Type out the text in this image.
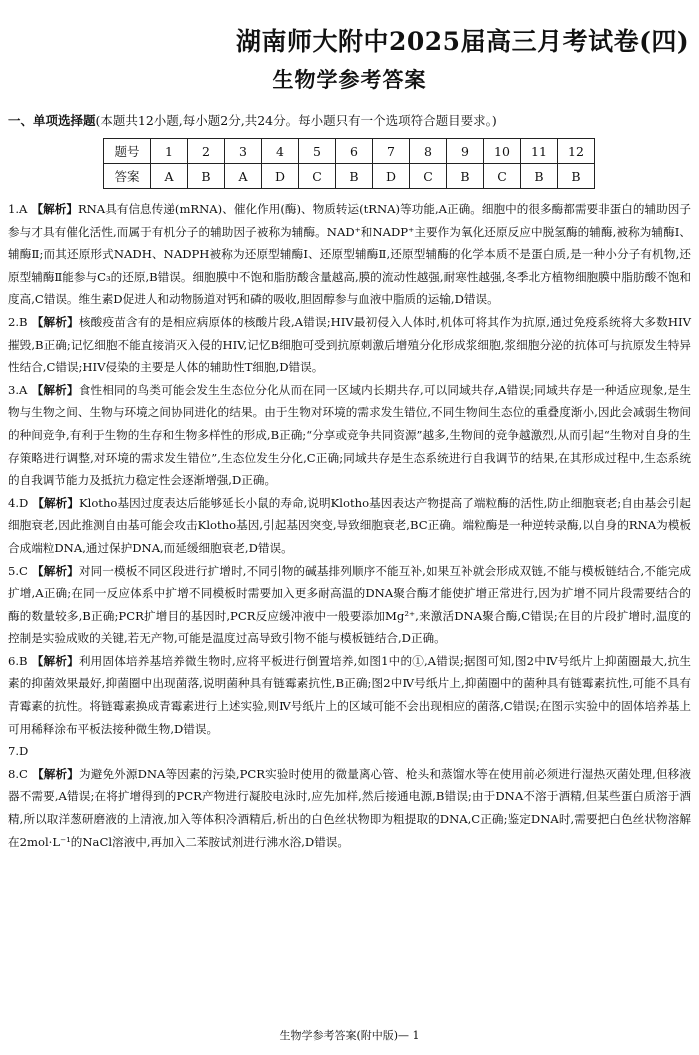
湖南师大附中2025届高三月考试卷(四)
生物学参考答案
一、单项选择题(本题共12小题,每小题2分,共24分。每小题只有一个选项符合题目要求。)
题号	1	2	3	4	5	6	7	8	9	10	11	12
答案	A	B	A	D	C	B	D	C	B	C	B	B

1.A 【解析】RNA具有信息传递(mRNA)、催化作用(酶)、物质转运(tRNA)等功能,A正确。细胞中的很多酶都需要非蛋白的辅助因子参与才具有催化活性,而属于有机分子的辅助因子被称为辅酶。NAD⁺和NADP⁺主要作为氧化还原反应中脱氢酶的辅酶,被称为辅酶Ⅰ、辅酶Ⅱ;而其还原形式NADH、NADPH被称为还原型辅酶Ⅰ、还原型辅酶Ⅱ,还原型辅酶的化学本质不是蛋白质,是一种小分子有机物,还原型辅酶Ⅱ能参与C₃的还原,B错误。细胞膜中不饱和脂肪酸含量越高,膜的流动性越强,耐寒性越强,冬季北方植物细胞膜中脂肪酸不饱和度高,C错误。维生素D促进人和动物肠道对钙和磷的吸收,胆固醇参与血液中脂质的运输,D错误。

2.B 【解析】核酸疫苗含有的是相应病原体的核酸片段,A错误;HIV最初侵入人体时,机体可将其作为抗原,通过免疫系统将大多数HIV摧毁,B正确;记忆细胞不能直接消灭入侵的HIV,记忆B细胞可受到抗原刺激后增殖分化形成浆细胞,浆细胞分泌的抗体可与抗原发生特异性结合,C错误;HIV侵染的主要是人体的辅助性T细胞,D错误。

3.A 【解析】食性相同的鸟类可能会发生生态位分化从而在同一区域内长期共存,可以同域共存,A错误;同域共存是一种适应现象,是生物与生物之间、生物与环境之间协同进化的结果。由于生物对环境的需求发生错位,不同生物间生态位的重叠度渐小,因此会减弱生物间的种间竞争,有利于生物的生存和生物多样性的形成,B正确;“分享或竞争共同资源”越多,生物间的竞争越激烈,从而引起“生物对自身的生存策略进行调整,对环境的需求发生错位”,生态位发生分化,C正确;同域共存是生态系统进行自我调节的结果,在其形成过程中,生态系统的自我调节能力及抵抗力稳定性会逐渐增强,D正确。

4.D 【解析】Klotho基因过度表达后能够延长小鼠的寿命,说明Klotho基因表达产物提高了端粒酶的活性,防止细胞衰老;自由基会引起细胞衰老,因此推测自由基可能会攻击Klotho基因,引起基因突变,导致细胞衰老,BC正确。端粒酶是一种逆转录酶,以自身的RNA为模板合成端粒DNA,通过保护DNA,而延缓细胞衰老,D错误。

5.C 【解析】对同一模板不同区段进行扩增时,不同引物的碱基排列顺序不能互补,如果互补就会形成双链,不能与模板链结合,不能完成扩增,A正确;在同一反应体系中扩增不同模板时需要加入更多耐高温的DNA聚合酶才能使扩增正常进行,因为扩增不同片段需要结合的酶的数量较多,B正确;PCR扩增目的基因时,PCR反应缓冲液中一般要添加Mg²⁺,来激活DNA聚合酶,C错误;在目的片段扩增时,温度的控制是实验成败的关键,若无产物,可能是温度过高导致引物不能与模板链结合,D正确。

6.B 【解析】利用固体培养基培养微生物时,应将平板进行倒置培养,如图1中的①,A错误;据图可知,图2中Ⅳ号纸片上抑菌圈最大,抗生素的抑菌效果最好,抑菌圈中出现菌落,说明菌种具有链霉素抗性,B正确;图2中Ⅳ号纸片上,抑菌圈中的菌种具有链霉素抗性,可能不具有青霉素的抗性。将链霉素换成青霉素进行上述实验,则Ⅳ号纸片上的区域可能不会出现相应的菌落,C错误;在图示实验中的固体培养基上可用稀释涂布平板法接种微生物,D错误。

7.D

8.C 【解析】为避免外源DNA等因素的污染,PCR实验时使用的微量离心管、枪头和蒸馏水等在使用前必须进行湿热灭菌处理,但移液器不需要,A错误;在将扩增得到的PCR产物进行凝胶电泳时,应先加样,然后接通电源,B错误;由于DNA不溶于酒精,但某些蛋白质溶于酒精,所以取洋葱研磨液的上清液,加入等体积冷酒精后,析出的白色丝状物即为粗提取的DNA,C正确;鉴定DNA时,需要把白色丝状物溶解在2mol·L⁻¹的NaCl溶液中,再加入二苯胺试剂进行沸水浴,D错误。

生物学参考答案(附中版)— 1
